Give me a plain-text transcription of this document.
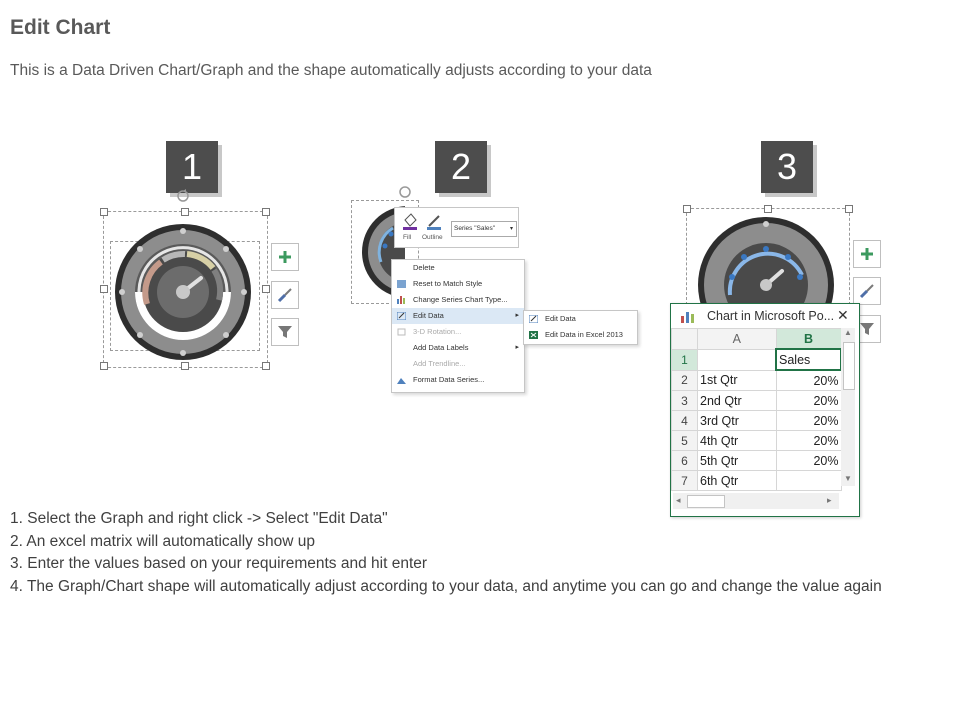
Edit Chart
This is a Data Driven Chart/Graph and the shape automatically adjusts according to your data
1	2	3
Fill Outline
Series "Sales" ▾
Delete
Reset to Match Style
Change Series Chart Type...
Edit Data	▸
3-D Rotation...
Add Data Labels	▸
Add Trendline...
Format Data Series...
Edit Data
Edit Data in Excel 2013
Chart in Microsoft Po... ✕
	A	B
1		Sales
2	1st Qtr	20%
3	2nd Qtr	20%
4	3rd Qtr	20%
5	4th Qtr	20%
6	5th Qtr	20%
7	6th Qtr	
▲
▼
◂	▸
1. Select the Graph and right click -> Select "Edit Data"
2. An excel matrix will automatically show up
3. Enter the values based on your requirements and hit enter
4. The Graph/Chart shape will automatically adjust according to your data, and anytime you can go and change the value again
